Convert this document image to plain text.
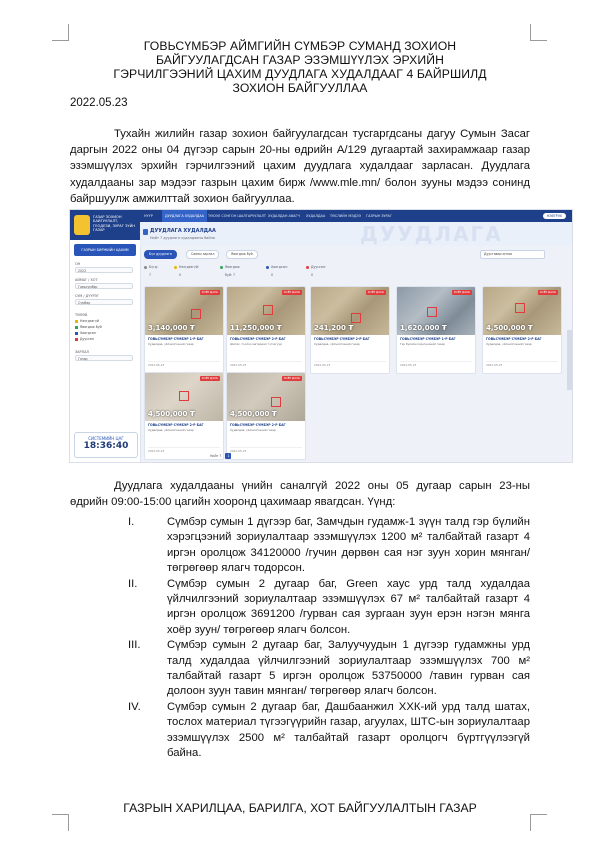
ГОВЬСҮМБЭР АЙМГИЙН СҮМБЭР СУМАНД ЗОХИОН
БАЙГУУЛАГДСАН ГАЗАР ЭЗЭМШҮҮЛЭХ ЭРХИЙН
ГЭРЧИЛГЭЭНИЙ ЦАХИМ ДУУДЛАГА ХУДАЛДААГ 4 БАЙРШИЛД
ЗОХИОН БАЙГУУЛЛАА
2022.05.23
Тухайн жилийн газар зохион байгуулагдсан тусгаргдсаны дагуу Сумын Засаг даргын 2022 оны 04 дүгээр сарын 20-ны өдрийн А/129 дугаартай захирамжаар газар эзэмшүүлэх эрхийн гэрчилгээний цахим дуудлага худалдааг зарласан. Дуудлага худалдааны зар мэдээг газрын цахим бирж /www.mle.mn/ болон зууны мэдээ сонинд байршуулж амжилттай зохион байгууллаа.
ГАЗАР ЗОХИОН БАЙГУУЛАЛТ, ГЕОДЕЗИ, ЗУРАГ ЗҮЙН ГАЗАР
ГАЗРЫН БИРЖИЙН ЦАХИМ СИСТЕМ
ОН
2022
АЙМАГ / ХОТ
Говьсүмбэр
СУМ / ДҮҮРЭГ
Сүмбэр
ТӨЛӨВ
Нээгдээгүй
Явагдаж буй
Хаагдсан
Дууссан
ЗАРЛАЛ
Газар
СИСТЕМИЙН ЦАГ
18:36:40
НҮҮР	ДУУДЛАГА ХУДАЛДАА	ТӨСӨЛ СОНГОН ШАЛГАРУУЛАЛТ ХУДАЛДАН АВАГЧ ХУДАЛДАА ТӨСЛИЙН МЭДЭЭ ГАЗРЫН ЗУРАГ	НЭВТРЭХ
ДУУДЛАГА
ДУУДЛАГА ХУДАЛДАА
Нийт 7 дуудлага худалдааны байна
Бүх дуудлага	Саяны зарлал	Явагдаж буй	Дуусгавар огноо
Бүгд: 7
Нээгдээгүй: 0
Явагдаж буй: 7
Хаагдсан: 0
Дууссан: 0
ХОЁР ДАХЬ
3,140,000 ₮
ГОВЬСҮМБЭР СҮМБЭР 1-Р БАГ
Худалдаа, үйлчилгээний газар
2022-05-23
ХОЁР ДАХЬ
11,250,000 ₮
ГОВЬСҮМБЭР СҮМБЭР 2-Р БАГ
Шатах, тослох материал түгээгүүр
2022-05-23
ХОЁР ДАХЬ
241,200 ₮
ГОВЬСҮМБЭР СҮМБЭР 2-Р БАГ
Худалдаа, үйлчилгээний газар
2022-05-23
ХОЁР ДАХЬ
1,620,000 ₮
ГОВЬСҮМБЭР СҮМБЭР 1-Р БАГ
Гэр бүлийн хэрэгцээний газар
2022-05-23
ХОЁР ДАХЬ
4,500,000 ₮
ГОВЬСҮМБЭР СҮМБЭР 2-Р БАГ
Худалдаа, үйлчилгээний газар
2022-05-23
ХОЁР ДАХЬ
4,500,000 ₮
ГОВЬСҮМБЭР СҮМБЭР 2-Р БАГ
Худалдаа, үйлчилгээний газар
2022-05-23
ХОЁР ДАХЬ
4,500,000 ₮
ГОВЬСҮМБЭР СҮМБЭР 2-Р БАГ
Худалдаа, үйлчилгээний газар
2022-05-23
Нийт 7 1
Дуудлага худалдааны үнийн саналгүй 2022 оны 05 дугаар сарын 23-ны өдрийн 09:00-15:00 цагийн хооронд цахимаар явагдсан. Үүнд:
I.	Сүмбэр сумын 1 дүгээр баг, Замчдын гудамж-1 зүүн талд гэр бүлийн хэрэгцээний зориулалтаар эзэмшүүлэх 1200 м² талбайтай газарт 4 иргэн оролцож 34120000 /гучин дөрвөн сая нэг зуун хорин мянган/ төгрөгөөр ялагч тодорсон.
II.	Сүмбэр сумын 2 дугаар баг, Green хаус урд талд худалдаа үйлчилгээний зориулалтаар эзэмшүүлэх 67 м² талбайтай газарт 4 иргэн оролцож 3691200 /гурван сая зургаан зуун ерэн нэгэн мянга хоёр зуун/ төгрөгөөр ялагч болсон.
III.	Сүмбэр сумын 2 дугаар баг, Залуучуудын 1 дүгээр гудамжны урд талд худалдаа үйлчилгээний зориулалтаар эзэмшүүлэх 700 м² талбайтай газарт 5 иргэн оролцож 53750000 /тавин гурван сая долоон зуун тавин мянган/ төгрөгөөр ялагч болсон.
IV.	Сүмбэр сумын 2 дугаар баг, Дашбаанжил ХХК-ий урд талд шатах, тослох материал түгээгүүрийн газар, агуулах, ШТС-ын зориулалтаар эзэмшүүлэх 2500 м² талбайтай газарт оролцогч бүртгүүлээгүй байна.
ГАЗРЫН ХАРИЛЦАА, БАРИЛГА, ХОТ БАЙГУУЛАЛТЫН ГАЗАР
